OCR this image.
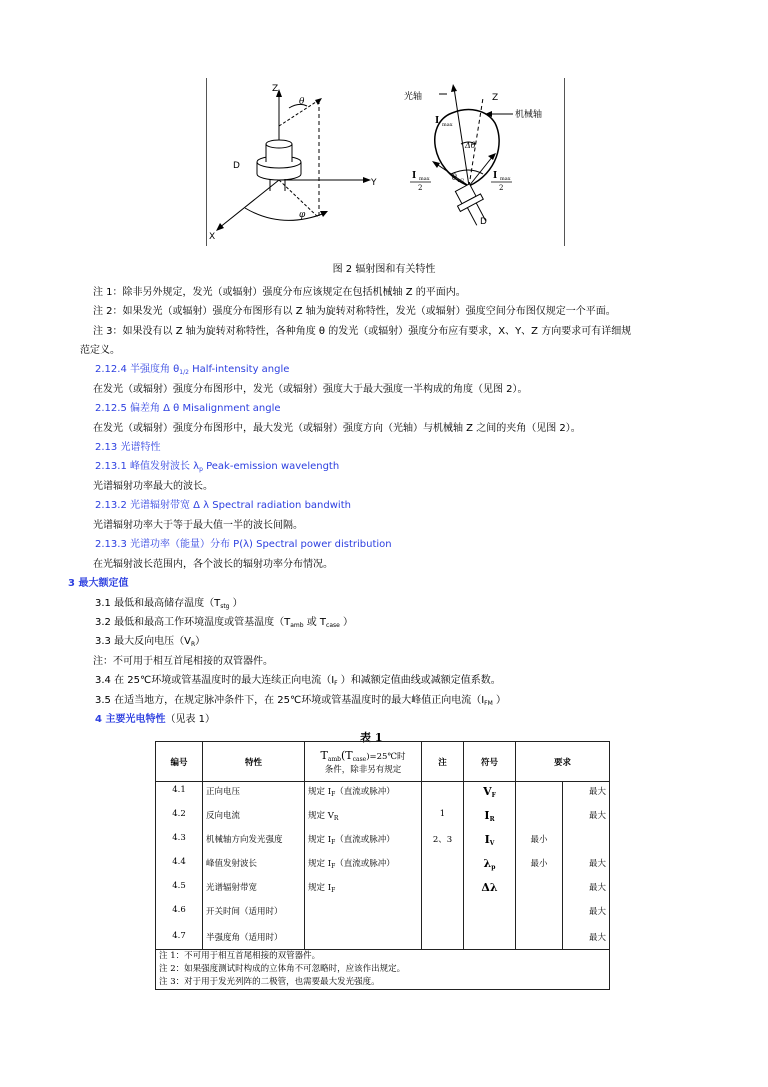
Z
θ
D
Y
X
φ
光轴	Z
机械轴
I max
Δθ
I max
2
I max
2
θ 1/2
D
图 2 辐射图和有关特性
注 1：除非另外规定，发光（或辐射）强度分布应该规定在包括机械轴 Z 的平面内。
注 2：如果发光（或辐射）强度分布图形有以 Z 轴为旋转对称特性，发光（或辐射）强度空间分布图仅规定一个平面。
注 3：如果没有以 Z 轴为旋转对称特性，各种角度 θ 的发光（或辐射）强度分布应有要求，X、Y、Z 方向要求可有详细规
范定义。
2.12.4 半强度角 $\theta_{1/2}$ Half-intensity angle
在发光（或辐射）强度分布图形中，发光（或辐射）强度大于最大强度一半构成的角度（见图 2）。
2.12.5 偏差角 Δ θ Misalignment angle
在发光（或辐射）强度分布图形中，最大发光（或辐射）强度方向（光轴）与机械轴 Z 之间的夹角（见图 2）。
2.13 光谱特性
2.13.1 峰值发射波长 $\lambda_p$ Peak-emission wavelength
光谱辐射功率最大的波长。
2.13.2 光谱辐射带宽 Δ λ Spectral radiation bandwith
光谱辐射功率大于等于最大值一半的波长间隔。
2.13.3 光谱功率（能量）分布 P(λ) Spectral power distribution
在光辐射波长范围内，各个波长的辐射功率分布情况。
3 最大额定值
3.1 最低和最高储存温度（$T_{stg}$ ）
3.2 最低和最高工作环境温度或管基温度（$T_{amb}$ 或 $T_{case}$ ）
3.3 最大反向电压$(V_R)$
注：不可用于相互首尾相接的双管器件。
3.4 在 25℃环境或管基温度时的最大连续正向电流（$I_F$ ）和减额定值曲线或减额定值系数。
3.5 在适当地方，在规定脉冲条件下，在 25℃环境或管基温度时的最大峰值正向电流（$I_{FM}$ ）
4 主要光电特性（见表 1）
表 1
编号	特性	$T_{amb}(T_{case})=25℃$时
条件，除非另有规定	注	符号	要求	
4.1	正向电压	规定 $I_F$（直流或脉冲）		$V_F$		最大
4.2	反向电流	规定 $V_R$	1	$I_R$		最大
4.3	机械轴方向发光强度	规定 $I_F$（直流或脉冲）	2、3	$I_V$	最小	
4.4	峰值发射波长	规定 $I_F$（直流或脉冲）		$\lambda_p$	最小	最大
4.5	光谱辐射带宽	规定 $I_F$		Δλ		最大
4.6	开关时间（适用时）					最大
4.7	半强度角（适用时）					最大

注 1：不可用于相互首尾相接的双管器件。
注 2：如果强度测试时构成的立体角不可忽略时，应该作出规定。
注 3：对于用于发光列阵的二极管，也需要最大发光强度。						
